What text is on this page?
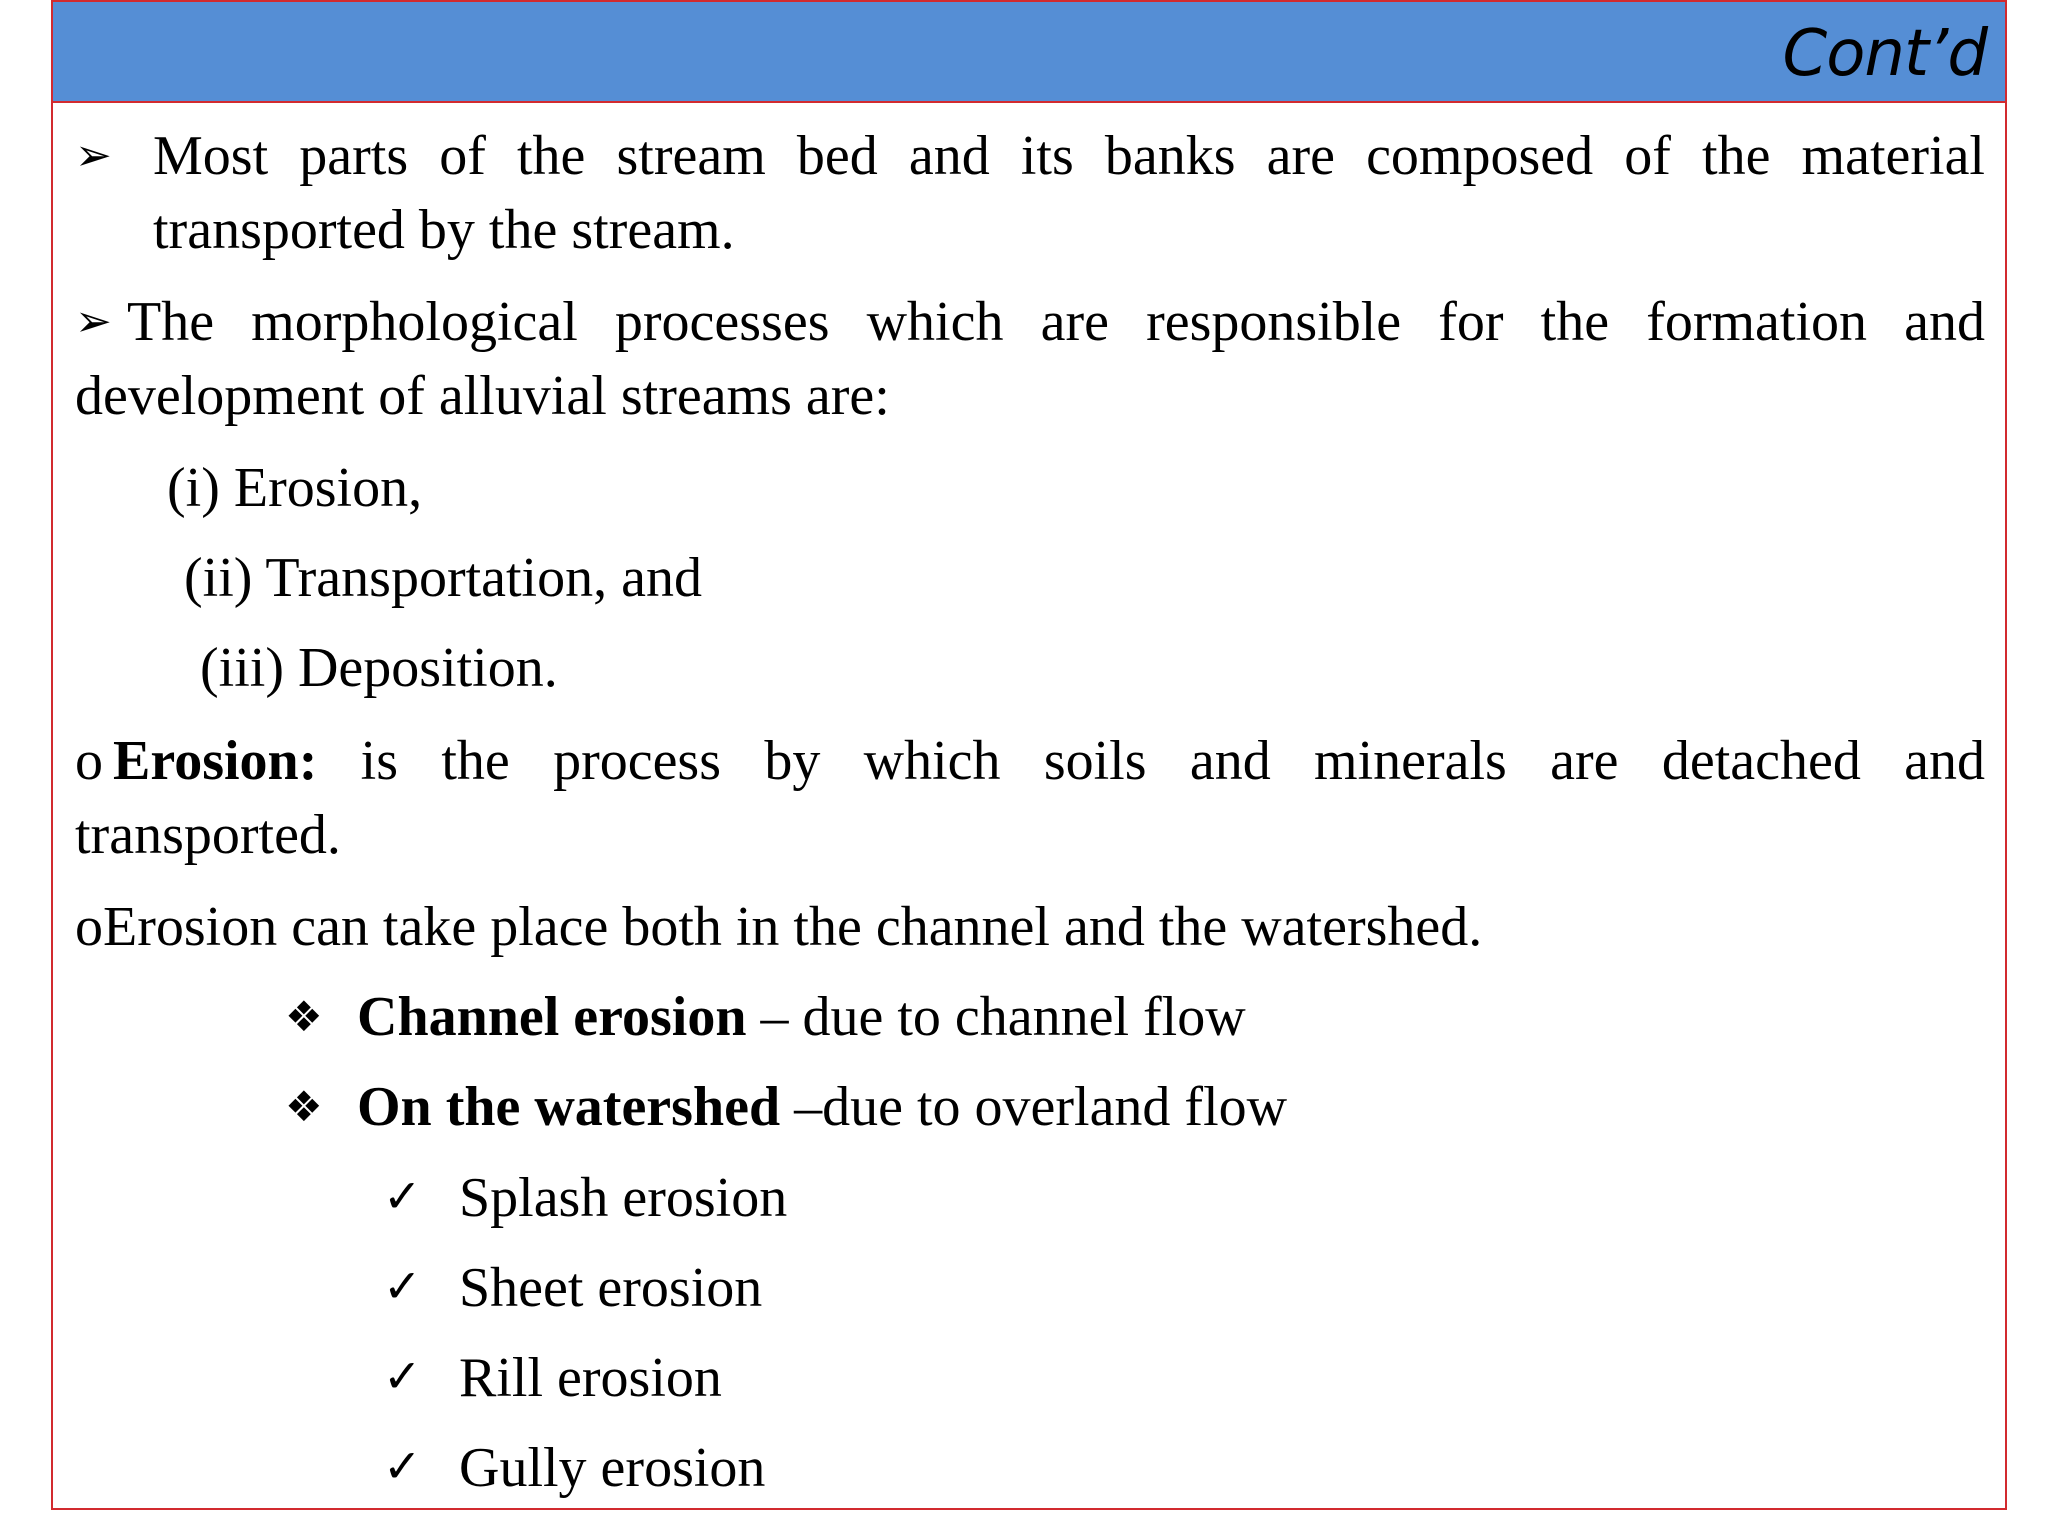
Cont’d
➢ Most parts of the stream bed and its banks are composed of the material
transported by the stream.
➢ The morphological processes which are responsible for the formation and
development of alluvial streams are:
(i) Erosion,
(ii) Transportation, and
(iii) Deposition.
o Erosion: is the process by which soils and minerals are detached and
transported.
oErosion can take place both in the channel and the watershed.
❖ Channel erosion – due to channel flow
❖ On the watershed –due to overland flow
✓ Splash erosion
✓ Sheet erosion
✓ Rill erosion
✓ Gully erosion
